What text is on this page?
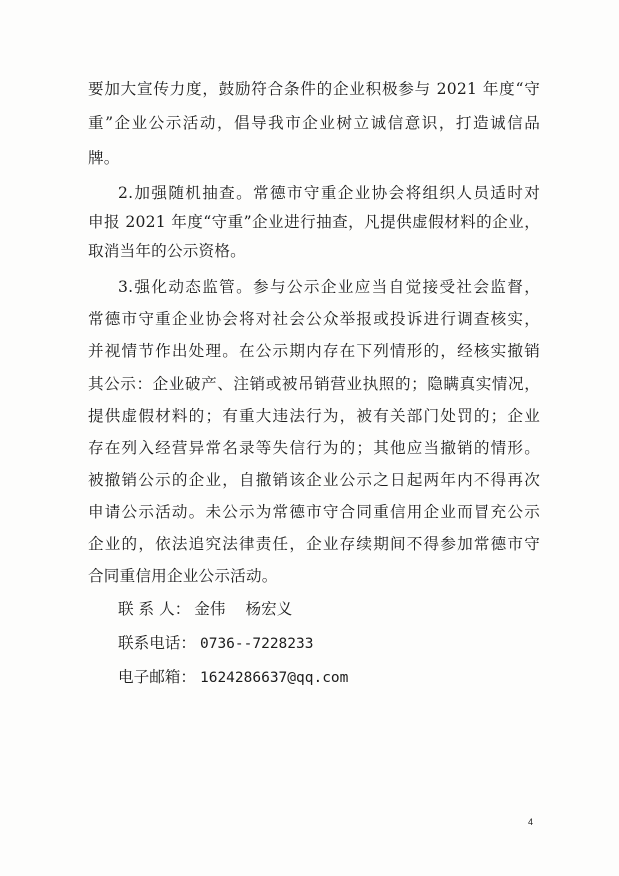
要加大宣传力度，鼓励符合条件的企业积极参与 2021 年度“守
重”企业公示活动，倡导我市企业树立诚信意识，打造诚信品
牌。
2.加强随机抽查。常德市守重企业协会将组织人员适时对
申报 2021 年度“守重”企业进行抽查，凡提供虚假材料的企业，
取消当年的公示资格。
3.强化动态监管。参与公示企业应当自觉接受社会监督，
常德市守重企业协会将对社会公众举报或投诉进行调查核实，
并视情节作出处理。在公示期内存在下列情形的，经核实撤销
其公示：企业破产、注销或被吊销营业执照的；隐瞒真实情况，
提供虚假材料的；有重大违法行为，被有关部门处罚的；企业
存在列入经营异常名录等失信行为的；其他应当撤销的情形。
被撤销公示的企业，自撤销该企业公示之日起两年内不得再次
申请公示活动。未公示为常德市守合同重信用企业而冒充公示
企业的，依法追究法律责任，企业存续期间不得参加常德市守
合同重信用企业公示活动。
联 系 人： 金伟 杨宏义
联系电话： 0736--7228233
电子邮箱： 1624286637@qq.com
4
